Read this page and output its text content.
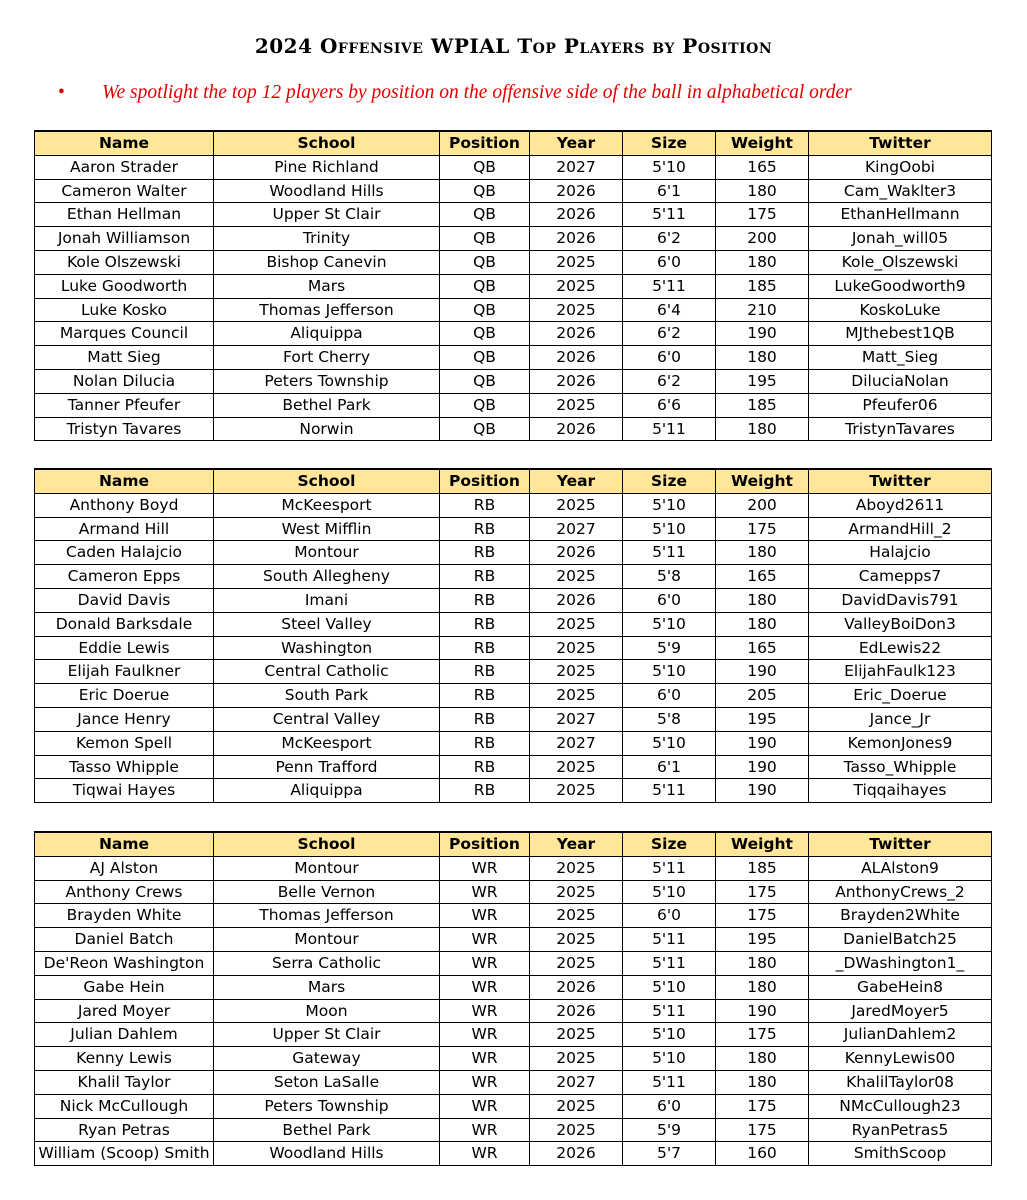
2024 Offensive WPIAL Top Players by Position
• We spotlight the top 12 players by position on the offensive side of the ball in alphabetical order
Name	School	Position	Year	Size	Weight	Twitter
Aaron Strader	Pine Richland	QB	2027	5'10	165	KingOobi
Cameron Walter	Woodland Hills	QB	2026	6'1	180	Cam_Waklter3
Ethan Hellman	Upper St Clair	QB	2026	5'11	175	EthanHellmann
Jonah Williamson	Trinity	QB	2026	6'2	200	Jonah_will05
Kole Olszewski	Bishop Canevin	QB	2025	6'0	180	Kole_Olszewski
Luke Goodworth	Mars	QB	2025	5'11	185	LukeGoodworth9
Luke Kosko	Thomas Jefferson	QB	2025	6'4	210	KoskoLuke
Marques Council	Aliquippa	QB	2026	6'2	190	MJthebest1QB
Matt Sieg	Fort Cherry	QB	2026	6'0	180	Matt_Sieg
Nolan Dilucia	Peters Township	QB	2026	6'2	195	DiluciaNolan
Tanner Pfeufer	Bethel Park	QB	2025	6'6	185	Pfeufer06
Tristyn Tavares	Norwin	QB	2026	5'11	180	TristynTavares
Name	School	Position	Year	Size	Weight	Twitter
Anthony Boyd	McKeesport	RB	2025	5'10	200	Aboyd2611
Armand Hill	West Mifflin	RB	2027	5'10	175	ArmandHill_2
Caden Halajcio	Montour	RB	2026	5'11	180	Halajcio
Cameron Epps	South Allegheny	RB	2025	5'8	165	Camepps7
David Davis	Imani	RB	2026	6'0	180	DavidDavis791
Donald Barksdale	Steel Valley	RB	2025	5'10	180	ValleyBoiDon3
Eddie Lewis	Washington	RB	2025	5'9	165	EdLewis22
Elijah Faulkner	Central Catholic	RB	2025	5'10	190	ElijahFaulk123
Eric Doerue	South Park	RB	2025	6'0	205	Eric_Doerue
Jance Henry	Central Valley	RB	2027	5'8	195	Jance_Jr
Kemon Spell	McKeesport	RB	2027	5'10	190	KemonJones9
Tasso Whipple	Penn Trafford	RB	2025	6'1	190	Tasso_Whipple
Tiqwai Hayes	Aliquippa	RB	2025	5'11	190	Tiqqaihayes
Name	School	Position	Year	Size	Weight	Twitter
AJ Alston	Montour	WR	2025	5'11	185	ALAlston9
Anthony Crews	Belle Vernon	WR	2025	5'10	175	AnthonyCrews_2
Brayden White	Thomas Jefferson	WR	2025	6'0	175	Brayden2White
Daniel Batch	Montour	WR	2025	5'11	195	DanielBatch25
De'Reon Washington	Serra Catholic	WR	2025	5'11	180	_DWashington1_
Gabe Hein	Mars	WR	2026	5'10	180	GabeHein8
Jared Moyer	Moon	WR	2026	5'11	190	JaredMoyer5
Julian Dahlem	Upper St Clair	WR	2025	5'10	175	JulianDahlem2
Kenny Lewis	Gateway	WR	2025	5'10	180	KennyLewis00
Khalil Taylor	Seton LaSalle	WR	2027	5'11	180	KhalilTaylor08
Nick McCullough	Peters Township	WR	2025	6'0	175	NMcCullough23
Ryan Petras	Bethel Park	WR	2025	5'9	175	RyanPetras5
William (Scoop) Smith	Woodland Hills	WR	2026	5'7	160	SmithScoop
